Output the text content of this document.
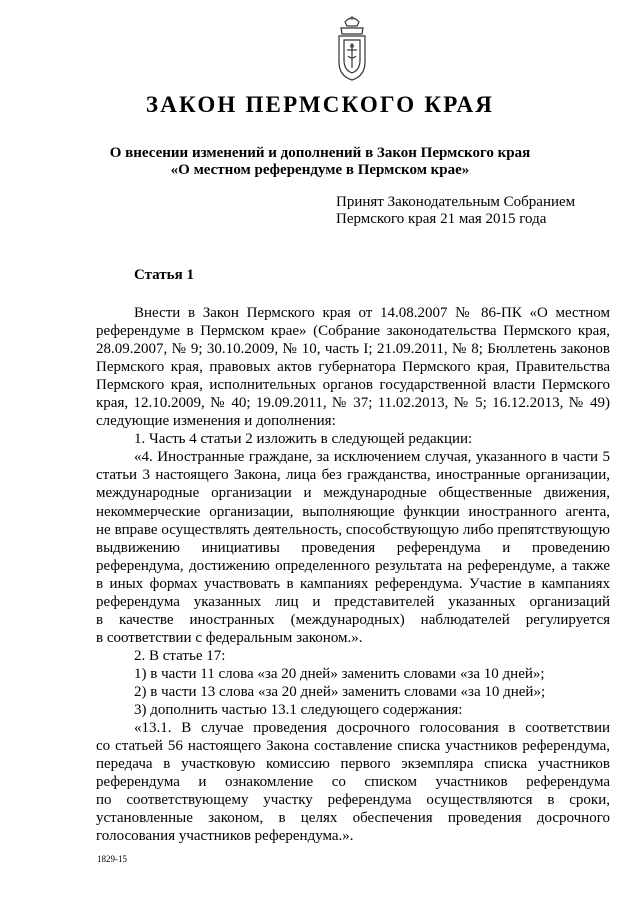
ЗАКОН ПЕРМСКОГО КРАЯ
О внесении изменений и дополнений в Закон Пермского края
«О местном референдуме в Пермском крае»
Принят Законодательным Собранием
Пермского края 21 мая 2015 года
Статья 1

Внести в Закон Пермского края от 14.08.2007 № 86-ПК «О местном

референдуме в Пермском крае» (Собрание законодательства Пермского края,

28.09.2007, № 9; 30.10.2009, № 10, часть I; 21.09.2011, № 8; Бюллетень законов

Пермского края, правовых актов губернатора Пермского края, Правительства

Пермского края, исполнительных органов государственной власти Пермского

края, 12.10.2009, № 40; 19.09.2011, № 37; 11.02.2013, № 5; 16.12.2013, № 49)

следующие изменения и дополнения:

1. Часть 4 статьи 2 изложить в следующей редакции:

«4. Иностранные граждане, за исключением случая, указанного в части 5

статьи 3 настоящего Закона, лица без гражданства, иностранные организации,

международные организации и международные общественные движения,

некоммерческие организации, выполняющие функции иностранного агента,

не вправе осуществлять деятельность, способствующую либо препятствующую

выдвижению инициативы проведения референдума и проведению

референдума, достижению определенного результата на референдуме, а также

в иных формах участвовать в кампаниях референдума. Участие в кампаниях

референдума указанных лиц и представителей указанных организаций

в качестве иностранных (международных) наблюдателей регулируется

в соответствии с федеральным законом.».

2. В статье 17:

1) в части 11 слова «за 20 дней» заменить словами «за 10 дней»;

2) в части 13 слова «за 20 дней» заменить словами «за 10 дней»;

3) дополнить частью 13.1 следующего содержания:

«13.1. В случае проведения досрочного голосования в соответствии

со статьей 56 настоящего Закона составление списка участников референдума,

передача в участковую комиссию первого экземпляра списка участников

референдума и ознакомление со списком участников референдума

по соответствующему участку референдума осуществляются в сроки,

установленные законом, в целях обеспечения проведения досрочного

голосования участников референдума.».

1829-15
